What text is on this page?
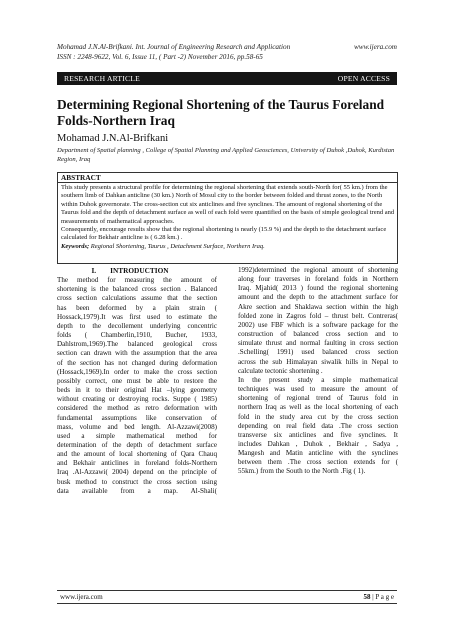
Mohamad J.N.Al-Brifkani. Int. Journal of Engineering Research and Application	www.ijera.com
ISSN : 2248-9622, Vol. 6, Issue 11, ( Part -2) November 2016, pp.58-65
RESEARCH ARTICLE	OPEN ACCESS
Determining Regional Shortening of the Taurus Foreland Folds-Northern Iraq
Mohamad J.N.Al-Brifkani
Department of Spatial planning , College of Spatial Planning and Applied Geosciences, University of Duhok ,Duhok, Kurdistan Region, Iraq
ABSTRACT

This study presents a structural profile for determining the regional shortening that extends south-North for( 55 km.) from the southern limb of Dahkan anticline (30 km.) North of Mosul city to the border between folded and thrust zones, to the North within Duhok governorate. The cross-section cut six anticlines and five synclines. The amount of regional shortening of the Taurus fold and the depth of detachment surface as well of each fold were quantified on the basis of simple geological trend and measurements of mathematical approaches.

Consequently, encourage results show that the regional shortening is nearly (15.9 %) and the depth to the detachment surface calculated for Bekhair anticline is ( 6.28 km.) .

Keywords; Regional Shortening, Taurus , Detachment Surface, Northern Iraq.

I. INTRODUCTION
The method for measuring the amount of
shortening is the balanced cross section . Balanced
cross section calculations assume that the section
has been deformed by a plain strain (
Hossack,1979).It was first used to estimate the
depth to the decollement underlying concentric
folds ( Chamberlin,1910, Bucher, 1933,
Dahlstrom,1969).The balanced geological cross
section can drawn with the assumption that the area
of the section has not changed during deformation
(Hossack,1969).In order to make the cross section
possibly correct, one must be able to restore the
beds in it to their original Hat –lying geometry
without creating or destroying rocks. Suppe ( 1985)
considered the method as retro deformation with
fundamental assumptions like conservation of
mass, volume and bed length. Al-Azzawi(2008)
used a simple mathematical method for
determination of the depth of detachment surface
and the amount of local shortening of Qara Chauq
and Bekhair anticlines in foreland folds-Northern
Iraq .Al-Azzawi( 2004) depend on the principle of
busk method to construct the cross section using
data available from a map. Al-Shali(
1992)determined the regional amount of shortening
along four traverses in foreland folds in Northern
Iraq. Mjahid( 2013 ) found the regional shortening
amount and the depth to the attachment surface for
Akre section and Shaklawa section within the high
folded zone in Zagros fold – thrust belt. Contreras(
2002) use FBF which is a software package for the
construction of balanced cross section and to
simulate thrust and normal faulting in cross section
.Schelling( 1991) used balanced cross section
across the sub Himalayan siwalik hills in Nepal to
calculate tectonic shortening .
In the present study a simple mathematical
techniques was used to measure the amount of
shortening of regional trend of Taurus fold in
northern Iraq as well as the local shortening of each
fold in the study area cut by the cross section
depending on real field data .The cross section
transverse six anticlines and five synclines. It
includes Dahkan , Duhok , Bekhair , Sadya ,
Mangesh and Matin anticline with the synclines
between them .The cross section extends for (
55km.) from the South to the North .Fig ( 1).
www.ijera.com	58 | P a g e
